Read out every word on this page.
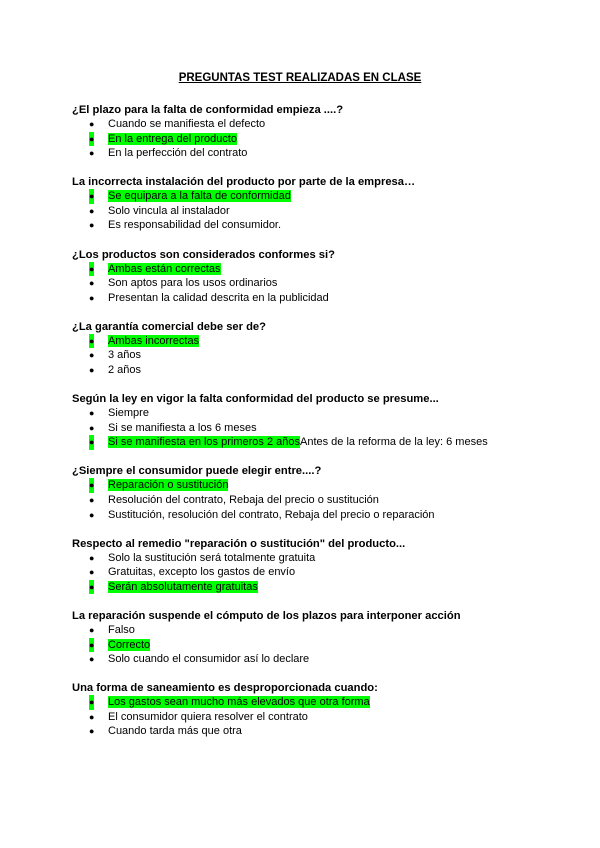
PREGUNTAS TEST REALIZADAS EN CLASE

¿El plazo para la falta de conformidad empieza ....?

● Cuando se manifiesta el defecto
● En la entrega del producto
● En la perfección del contrato

La incorrecta instalación del producto por parte de la empresa…

● Se equipara a la falta de conformidad
● Solo vincula al instalador
● Es responsabilidad del consumidor.

¿Los productos son considerados conformes si?

● Ambas están correctas
● Son aptos para los usos ordinarios
● Presentan la calidad descrita en la publicidad

¿La garantía comercial debe ser de?

● Ambas incorrectas
● 3 años
● 2 años

Según la ley en vigor la falta conformidad del producto se presume...

● Siempre
● Si se manifiesta a los 6 meses
● Si se manifiesta en los primeros 2 añosAntes de la reforma de la ley: 6 meses

¿Siempre el consumidor puede elegir entre....?

● Reparación o sustitución
● Resolución del contrato, Rebaja del precio o sustitución
● Sustitución, resolución del contrato, Rebaja del precio o reparación

Respecto al remedio "reparación o sustitución" del producto...

● Solo la sustitución será totalmente gratuita
● Gratuitas, excepto los gastos de envío
● Serán absolutamente gratuitas

La reparación suspende el cómputo de los plazos para interponer acción

● Falso
● Correcto
● Solo cuando el consumidor así lo declare

Una forma de saneamiento es desproporcionada cuando:

● Los gastos sean mucho más elevados que otra forma
● El consumidor quiera resolver el contrato
● Cuando tarda más que otra
